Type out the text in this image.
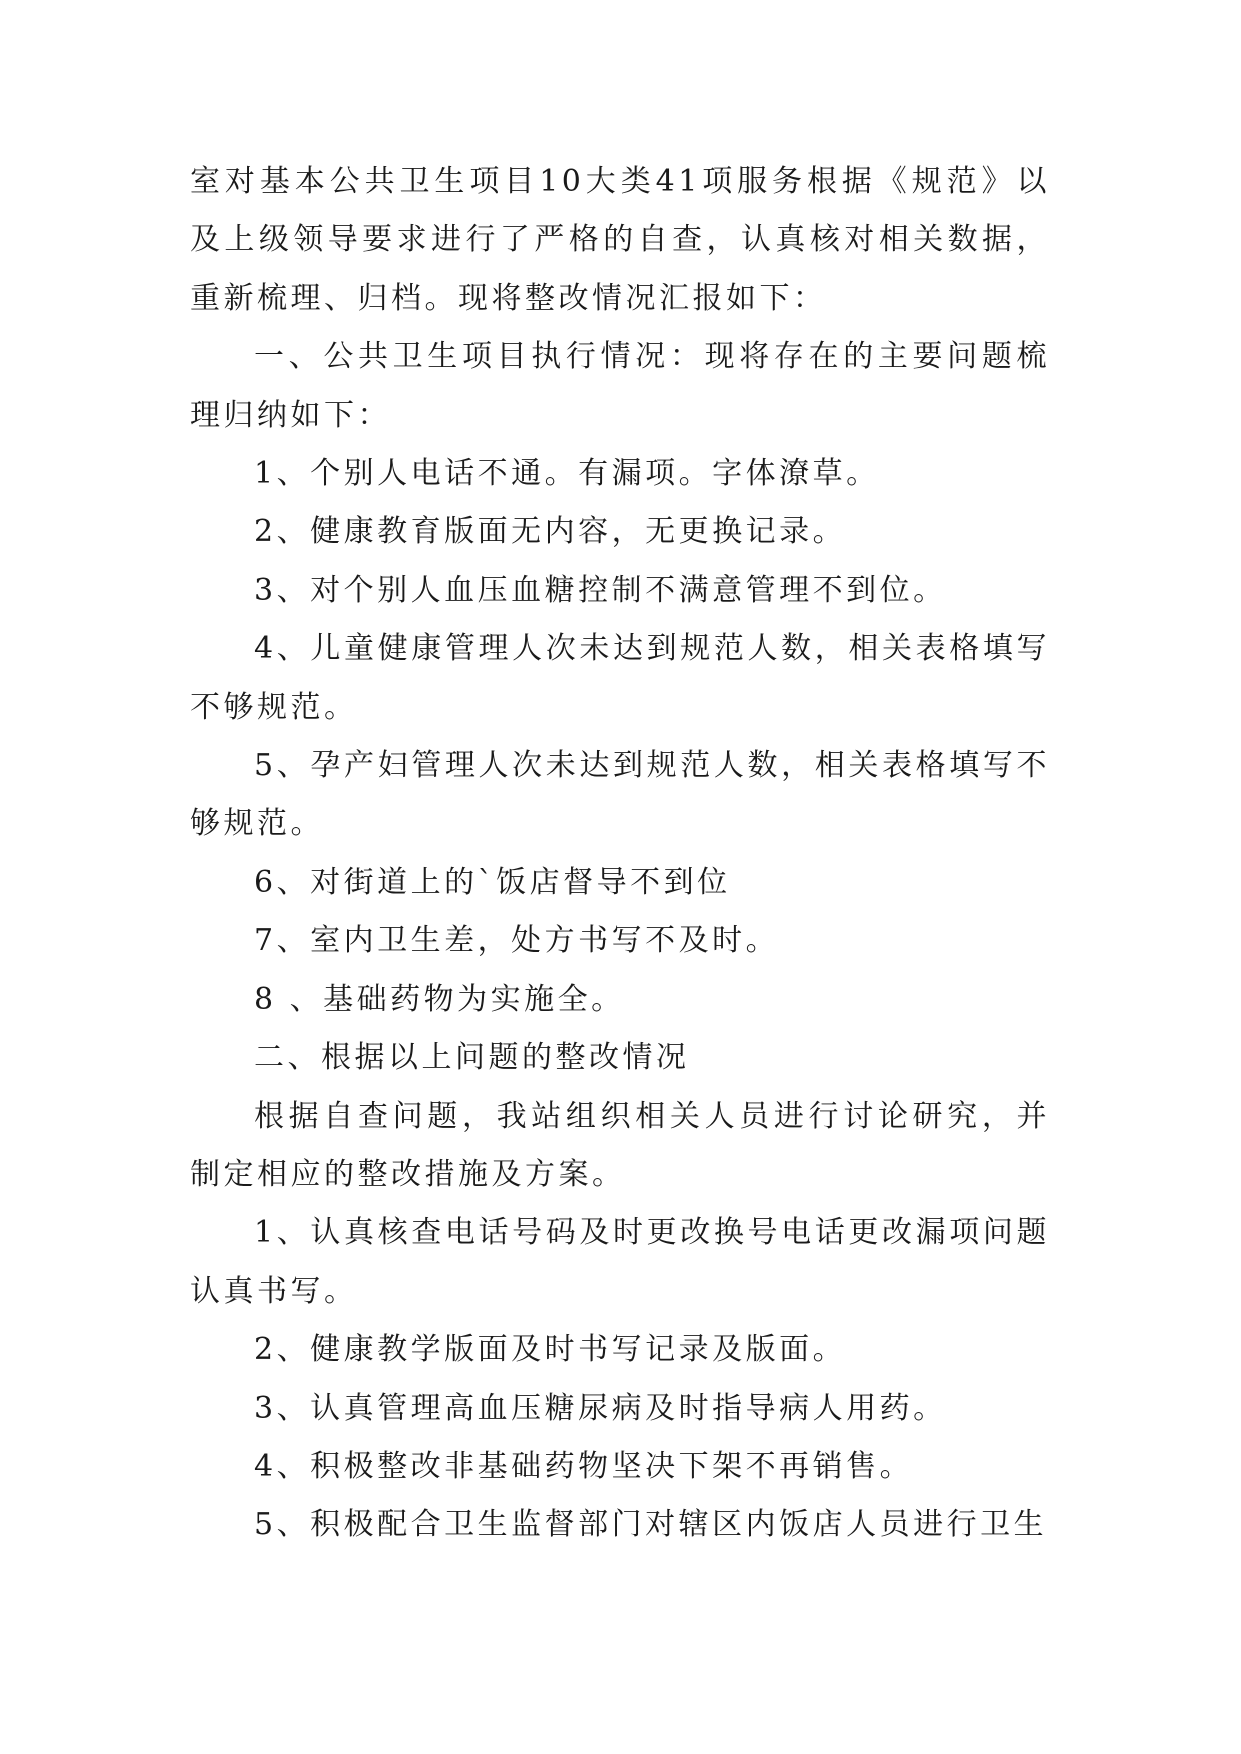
室对基本公共卫生项目10大类41项服务根据《规范》以及上级领导要求进行了严格的自查，认真核对相关数据，重新梳理、归档。现将整改情况汇报如下：

一、公共卫生项目执行情况：现将存在的主要问题梳理归纳如下：

1、个别人电话不通。有漏项。字体潦草。

2、健康教育版面无内容，无更换记录。

3、对个别人血压血糖控制不满意管理不到位。

4、儿童健康管理人次未达到规范人数，相关表格填写不够规范。

5、孕产妇管理人次未达到规范人数，相关表格填写不够规范。

6、对街道上的`饭店督导不到位

7、室内卫生差，处方书写不及时。

8 、基础药物为实施全。

二、根据以上问题的整改情况

根据自查问题，我站组织相关人员进行讨论研究，并制定相应的整改措施及方案。

1、认真核查电话号码及时更改换号电话更改漏项问题认真书写。

2、健康教学版面及时书写记录及版面。

3、认真管理高血压糖尿病及时指导病人用药。

4、积极整改非基础药物坚决下架不再销售。

5、积极配合卫生监督部门对辖区内饭店人员进行卫生
